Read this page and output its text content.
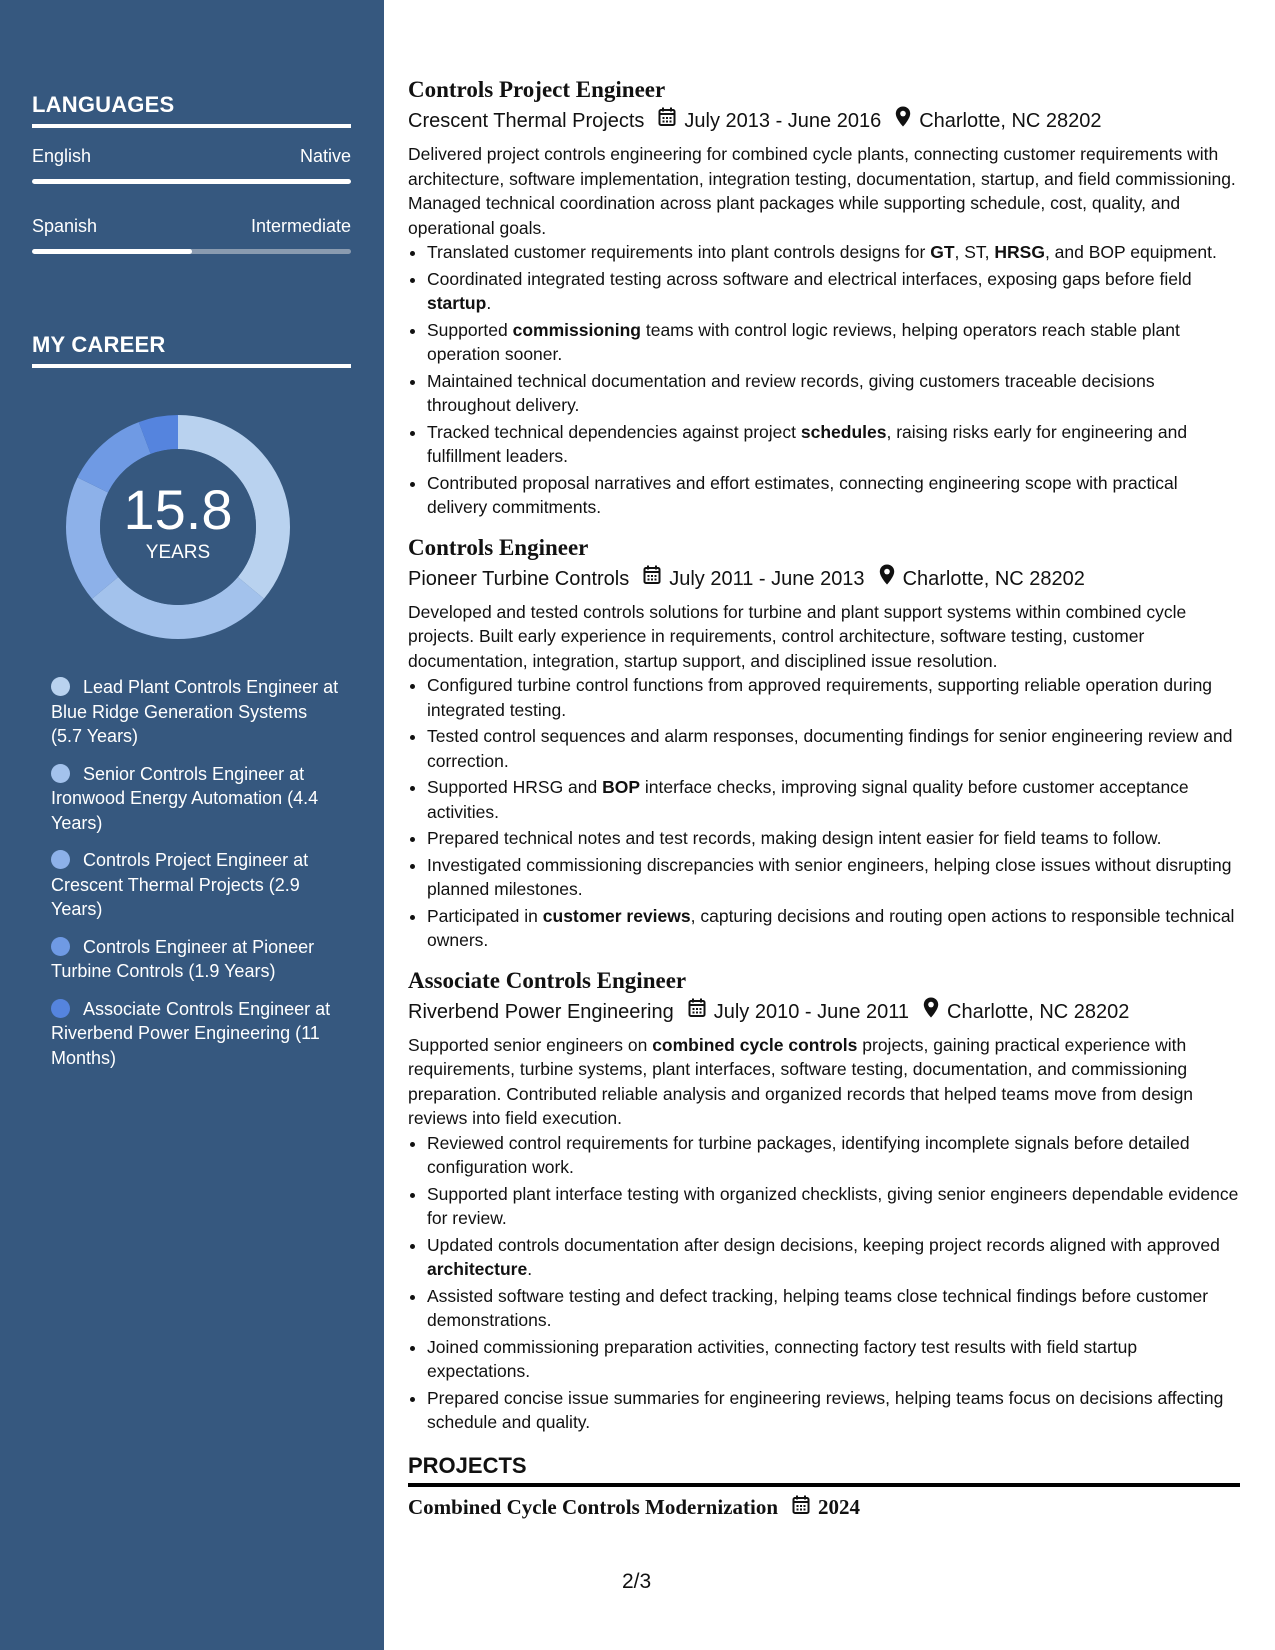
LANGUAGES
English	Native
Spanish	Intermediate
MY CAREER
15.8
YEARS
Lead Plant Controls Engineer at Blue Ridge Generation Systems (5.7 Years)
Senior Controls Engineer at Ironwood Energy Automation (4.4 Years)
Controls Project Engineer at Crescent Thermal Projects (2.9 Years)
Controls Engineer at Pioneer Turbine Controls (1.9 Years)
Associate Controls Engineer at Riverbend Power Engineering (11 Months)
Controls Project Engineer
Crescent Thermal Projects July 2013 - June 2016 Charlotte, NC 28202

Delivered project controls engineering for combined cycle plants, connecting customer requirements with architecture, software implementation, integration testing, documentation, startup, and field commissioning. Managed technical coordination across plant packages while supporting schedule, cost, quality, and operational goals.

• Translated customer requirements into plant controls designs for GT, ST, HRSG, and BOP equipment.
• Coordinated integrated testing across software and electrical interfaces, exposing gaps before field startup.
• Supported commissioning teams with control logic reviews, helping operators reach stable plant operation sooner.
• Maintained technical documentation and review records, giving customers traceable decisions throughout delivery.
• Tracked technical dependencies against project schedules, raising risks early for engineering and fulfillment leaders.
• Contributed proposal narratives and effort estimates, connecting engineering scope with practical delivery commitments.
Controls Engineer
Pioneer Turbine Controls July 2011 - June 2013 Charlotte, NC 28202

Developed and tested controls solutions for turbine and plant support systems within combined cycle projects. Built early experience in requirements, control architecture, software testing, customer documentation, integration, startup support, and disciplined issue resolution.

• Configured turbine control functions from approved requirements, supporting reliable operation during integrated testing.
• Tested control sequences and alarm responses, documenting findings for senior engineering review and correction.
• Supported HRSG and BOP interface checks, improving signal quality before customer acceptance activities.
• Prepared technical notes and test records, making design intent easier for field teams to follow.
• Investigated commissioning discrepancies with senior engineers, helping close issues without disrupting planned milestones.
• Participated in customer reviews, capturing decisions and routing open actions to responsible technical owners.
Associate Controls Engineer
Riverbend Power Engineering July 2010 - June 2011 Charlotte, NC 28202

Supported senior engineers on combined cycle controls projects, gaining practical experience with requirements, turbine systems, plant interfaces, software testing, documentation, and commissioning preparation. Contributed reliable analysis and organized records that helped teams move from design reviews into field execution.

• Reviewed control requirements for turbine packages, identifying incomplete signals before detailed configuration work.
• Supported plant interface testing with organized checklists, giving senior engineers dependable evidence for review.
• Updated controls documentation after design decisions, keeping project records aligned with approved architecture.
• Assisted software testing and defect tracking, helping teams close technical findings before customer demonstrations.
• Joined commissioning preparation activities, connecting factory test results with field startup expectations.
• Prepared concise issue summaries for engineering reviews, helping teams focus on decisions affecting schedule and quality.
PROJECTS
Combined Cycle Controls Modernization 2024
2/3
